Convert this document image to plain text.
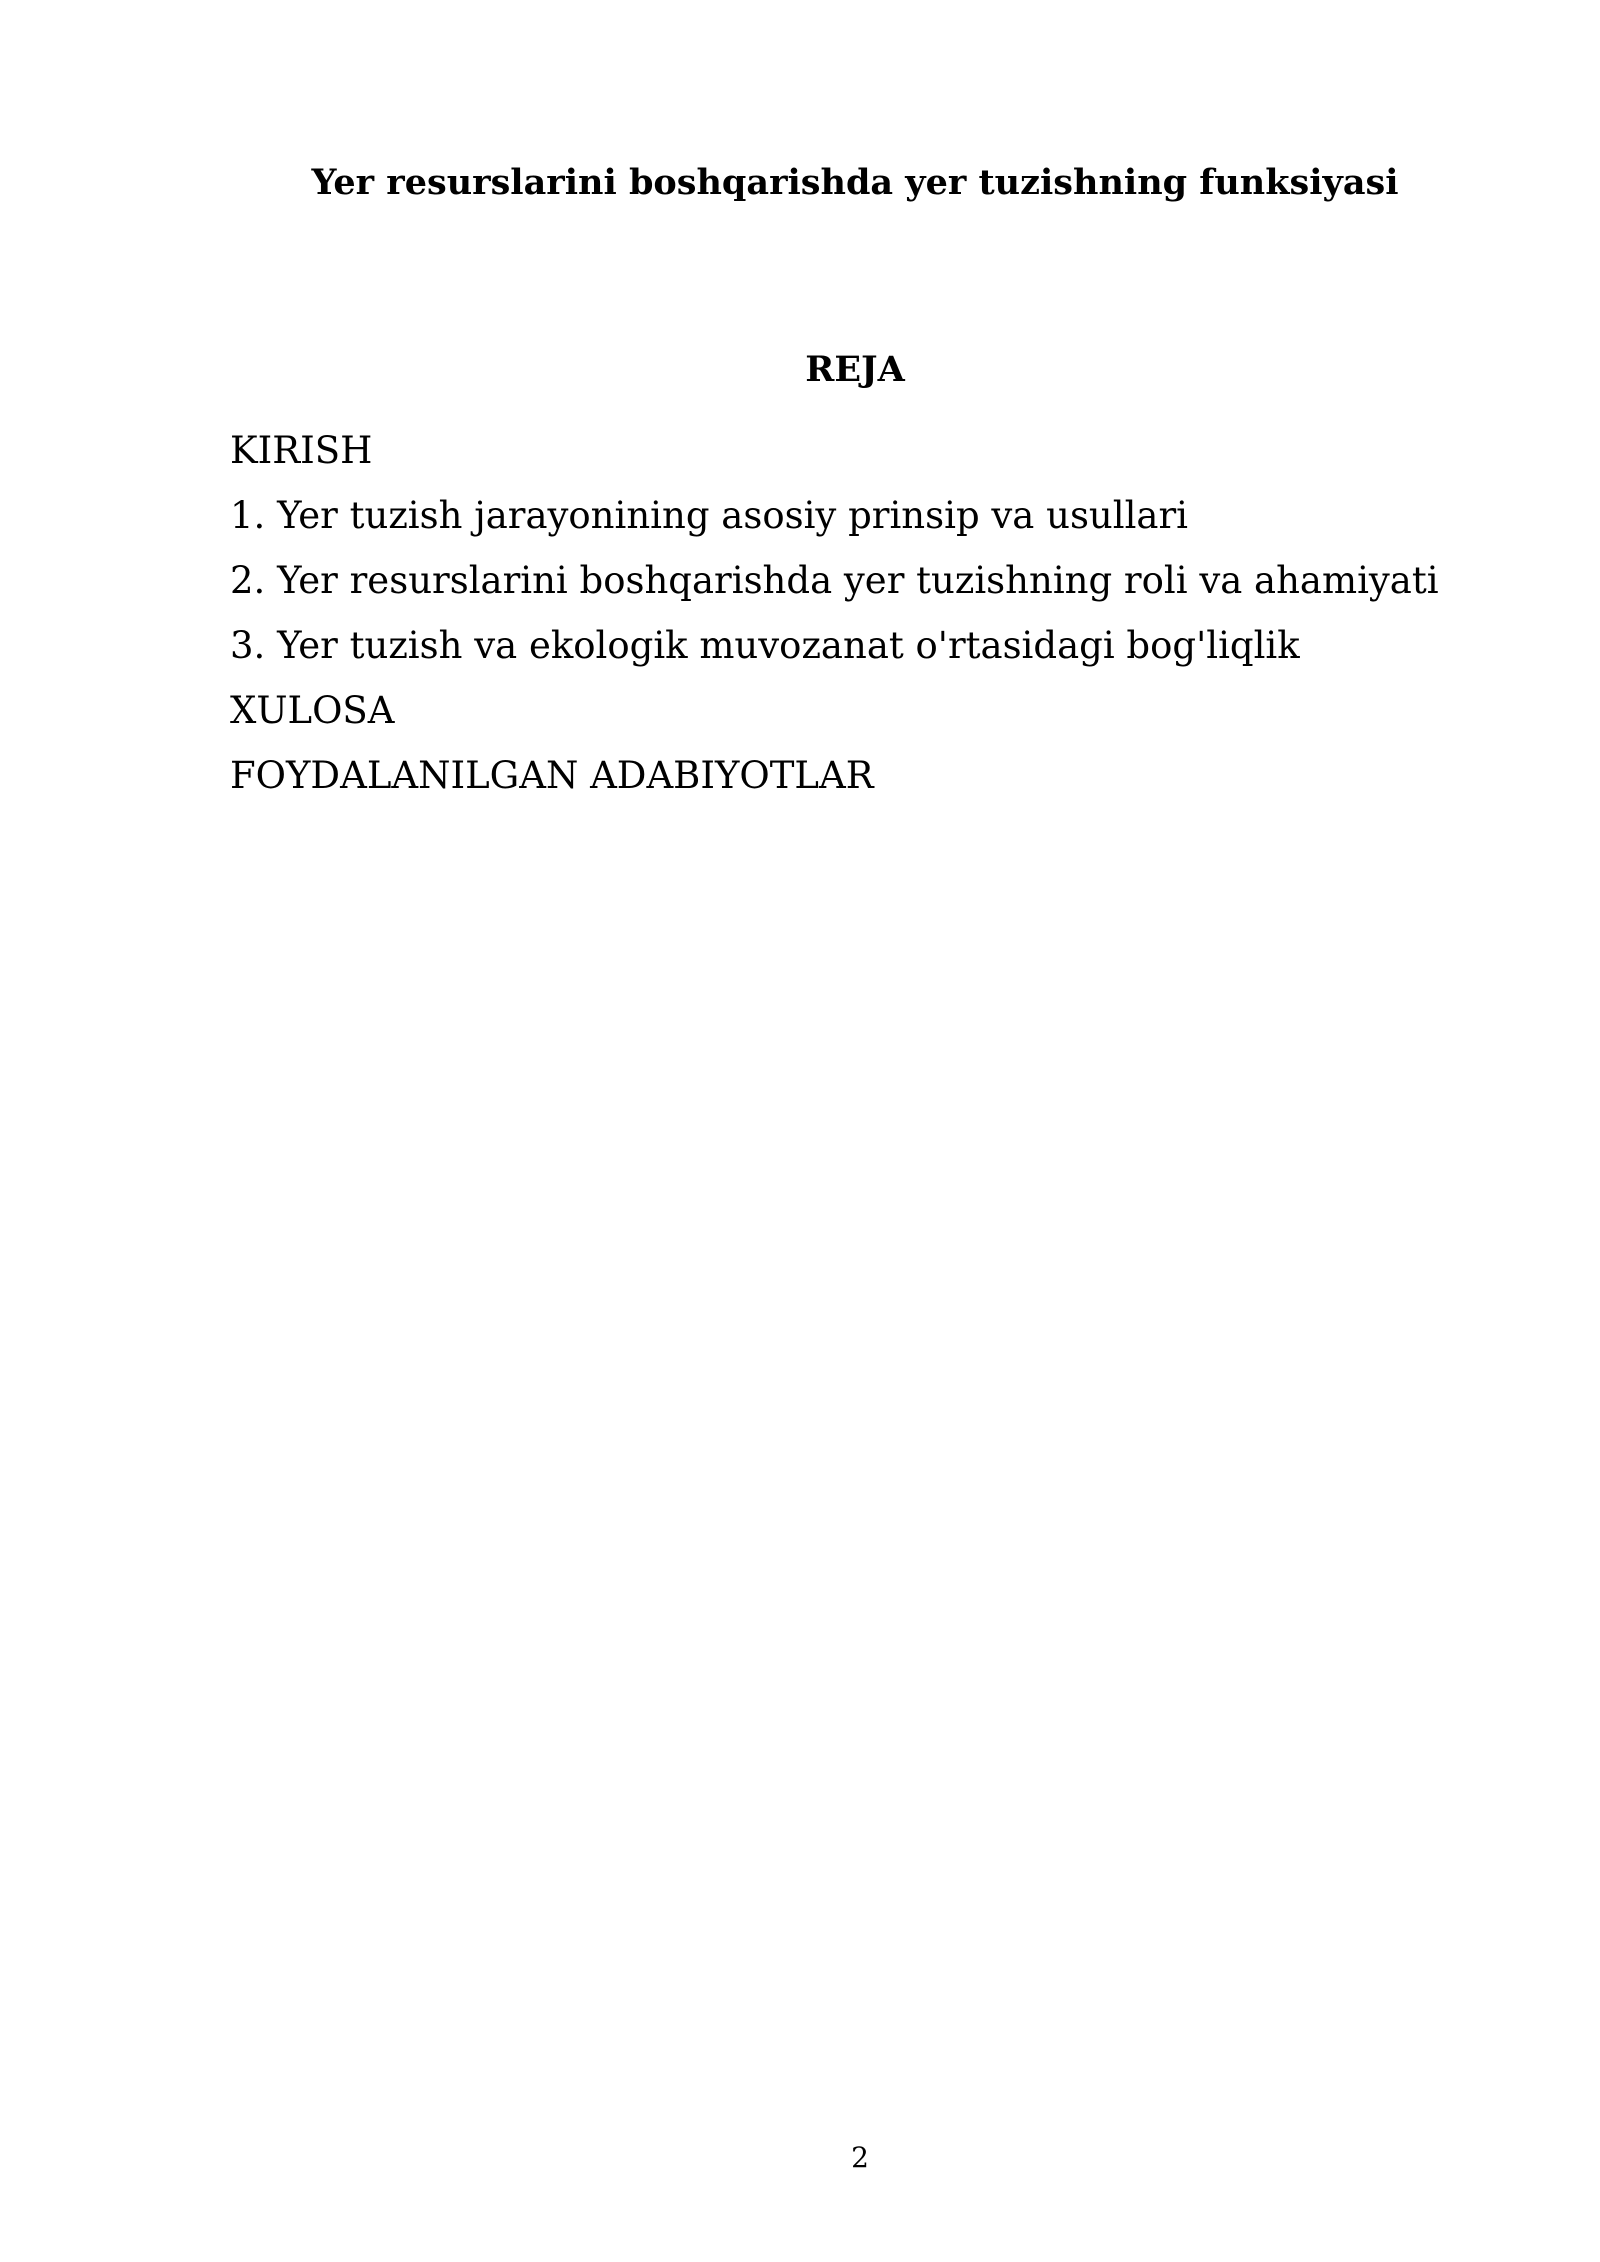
Yer resurslarini boshqarishda yer tuzishning funksiyasi
REJA
KIRISH
1. Yer tuzish jarayonining asosiy prinsip va usullari
2. Yer resurslarini boshqarishda yer tuzishning roli va ahamiyati
3. Yer tuzish va ekologik muvozanat o'rtasidagi bog'liqlik
XULOSA
FOYDALANILGAN ADABIYOTLAR
2
